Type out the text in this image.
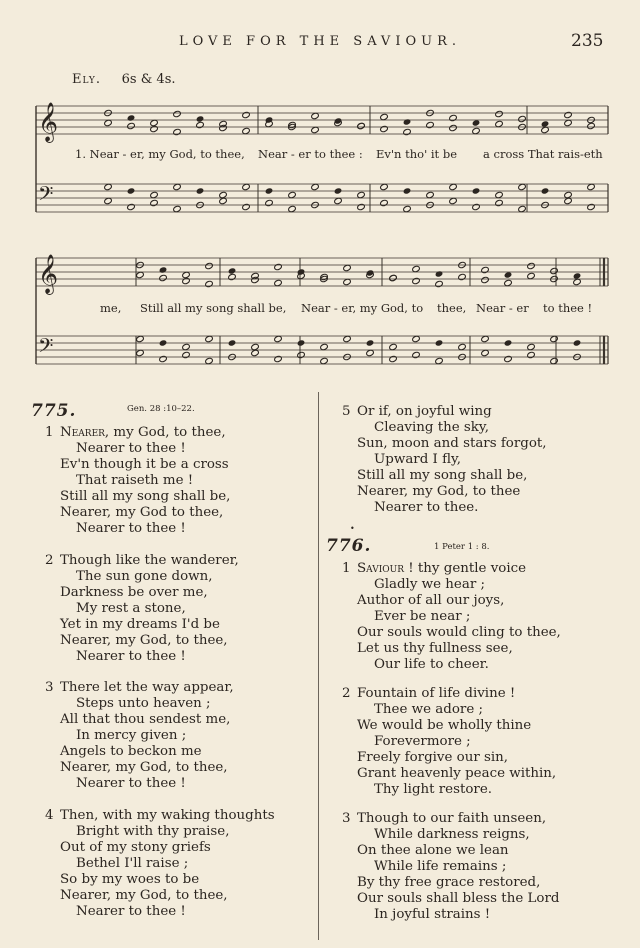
LOVE FOR THE SAVIOUR.	235
Ely. 6s & 4s.
𝄞
𝄢
𝄞
𝄢
1. Near - er, my God, to thee, Near - er to thee : Ev'n tho' it be a cross That rais-eth
me, Still all my song shall be, Near - er, my God, to thee, Near - er to thee !
775.	Gen. 28 :10–22.
1 Nearer, my God, to thee,
Nearer to thee !
Ev'n though it be a cross
That raiseth me !
Still all my song shall be,
Nearer, my God to thee,
Nearer to thee !
2 Though like the wanderer,
The sun gone down,
Darkness be over me,
My rest a stone,
Yet in my dreams I'd be
Nearer, my God, to thee,
Nearer to thee !
3 There let the way appear,
Steps unto heaven ;
All that thou sendest me,
In mercy given ;
Angels to beckon me
Nearer, my God, to thee,
Nearer to thee !
4 Then, with my waking thoughts
Bright with thy praise,
Out of my stony griefs
Bethel I'll raise ;
So by my woes to be
Nearer, my God, to thee,
Nearer to thee !
5 Or if, on joyful wing
Cleaving the sky,
Sun, moon and stars forgot,
Upward I fly,
Still all my song shall be,
Nearer, my God, to thee
Nearer to thee.
•
776.	1 Peter 1 : 8.
1 Saviour ! thy gentle voice
Gladly we hear ;
Author of all our joys,
Ever be near ;
Our souls would cling to thee,
Let us thy fullness see,
Our life to cheer.
2 Fountain of life divine !
Thee we adore ;
We would be wholly thine
Forevermore ;
Freely forgive our sin,
Grant heavenly peace within,
Thy light restore.
3 Though to our faith unseen,
While darkness reigns,
On thee alone we lean
While life remains ;
By thy free grace restored,
Our souls shall bless the Lord
In joyful strains !
